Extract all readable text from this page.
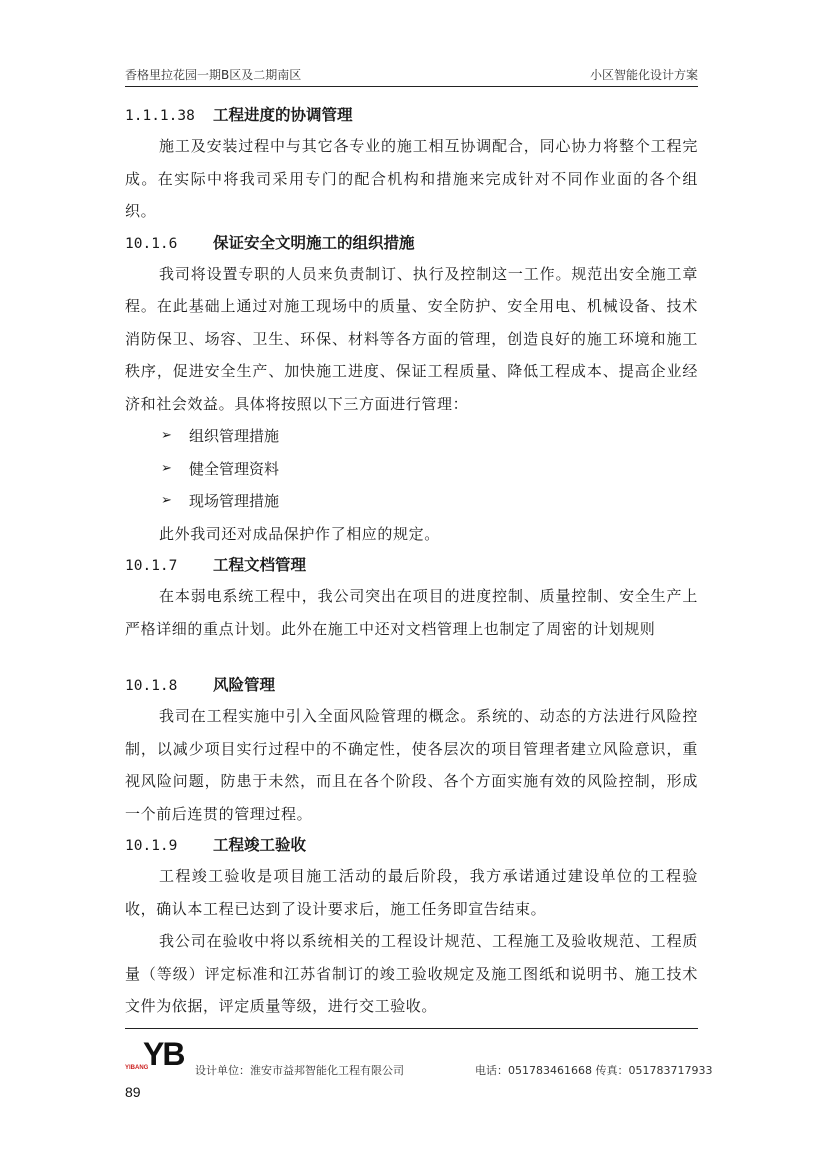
香格里拉花园一期B区及二期南区	小区智能化设计方案
1.1.1.38 工程进度的协调管理

施工及安装过程中与其它各专业的施工相互协调配合，同心协力将整个工程完成。在实际中将我司采用专门的配合机构和措施来完成针对不同作业面的各个组织。

10.1.6 保证安全文明施工的组织措施

我司将设置专职的人员来负责制订、执行及控制这一工作。规范出安全施工章程。在此基础上通过对施工现场中的质量、安全防护、安全用电、机械设备、技术消防保卫、场容、卫生、环保、材料等各方面的管理，创造良好的施工环境和施工秩序，促进安全生产、加快施工进度、保证工程质量、降低工程成本、提高企业经济和社会效益。具体将按照以下三方面进行管理：

➢ 组织管理措施
➢ 健全管理资料
➢ 现场管理措施

此外我司还对成品保护作了相应的规定。

10.1.7 工程文档管理

在本弱电系统工程中，我公司突出在项目的进度控制、质量控制、安全生产上严格详细的重点计划。此外在施工中还对文档管理上也制定了周密的计划规则

10.1.8 风险管理

我司在工程实施中引入全面风险管理的概念。系统的、动态的方法进行风险控制，以减少项目实行过程中的不确定性，使各层次的项目管理者建立风险意识，重视风险问题，防患于未然，而且在各个阶段、各个方面实施有效的风险控制，形成一个前后连贯的管理过程。

10.1.9 工程竣工验收

工程竣工验收是项目施工活动的最后阶段，我方承诺通过建设单位的工程验收，确认本工程已达到了设计要求后，施工任务即宣告结束。

我公司在验收中将以系统相关的工程设计规范、工程施工及验收规范、工程质量（等级）评定标准和江苏省制订的竣工验收规定及施工图纸和说明书、施工技术文件为依据，评定质量等级，进行交工验收。

YB
YIBANG	设计单位：淮安市益邦智能化工程有限公司	电话：051783461668 传真：051783717933
89
